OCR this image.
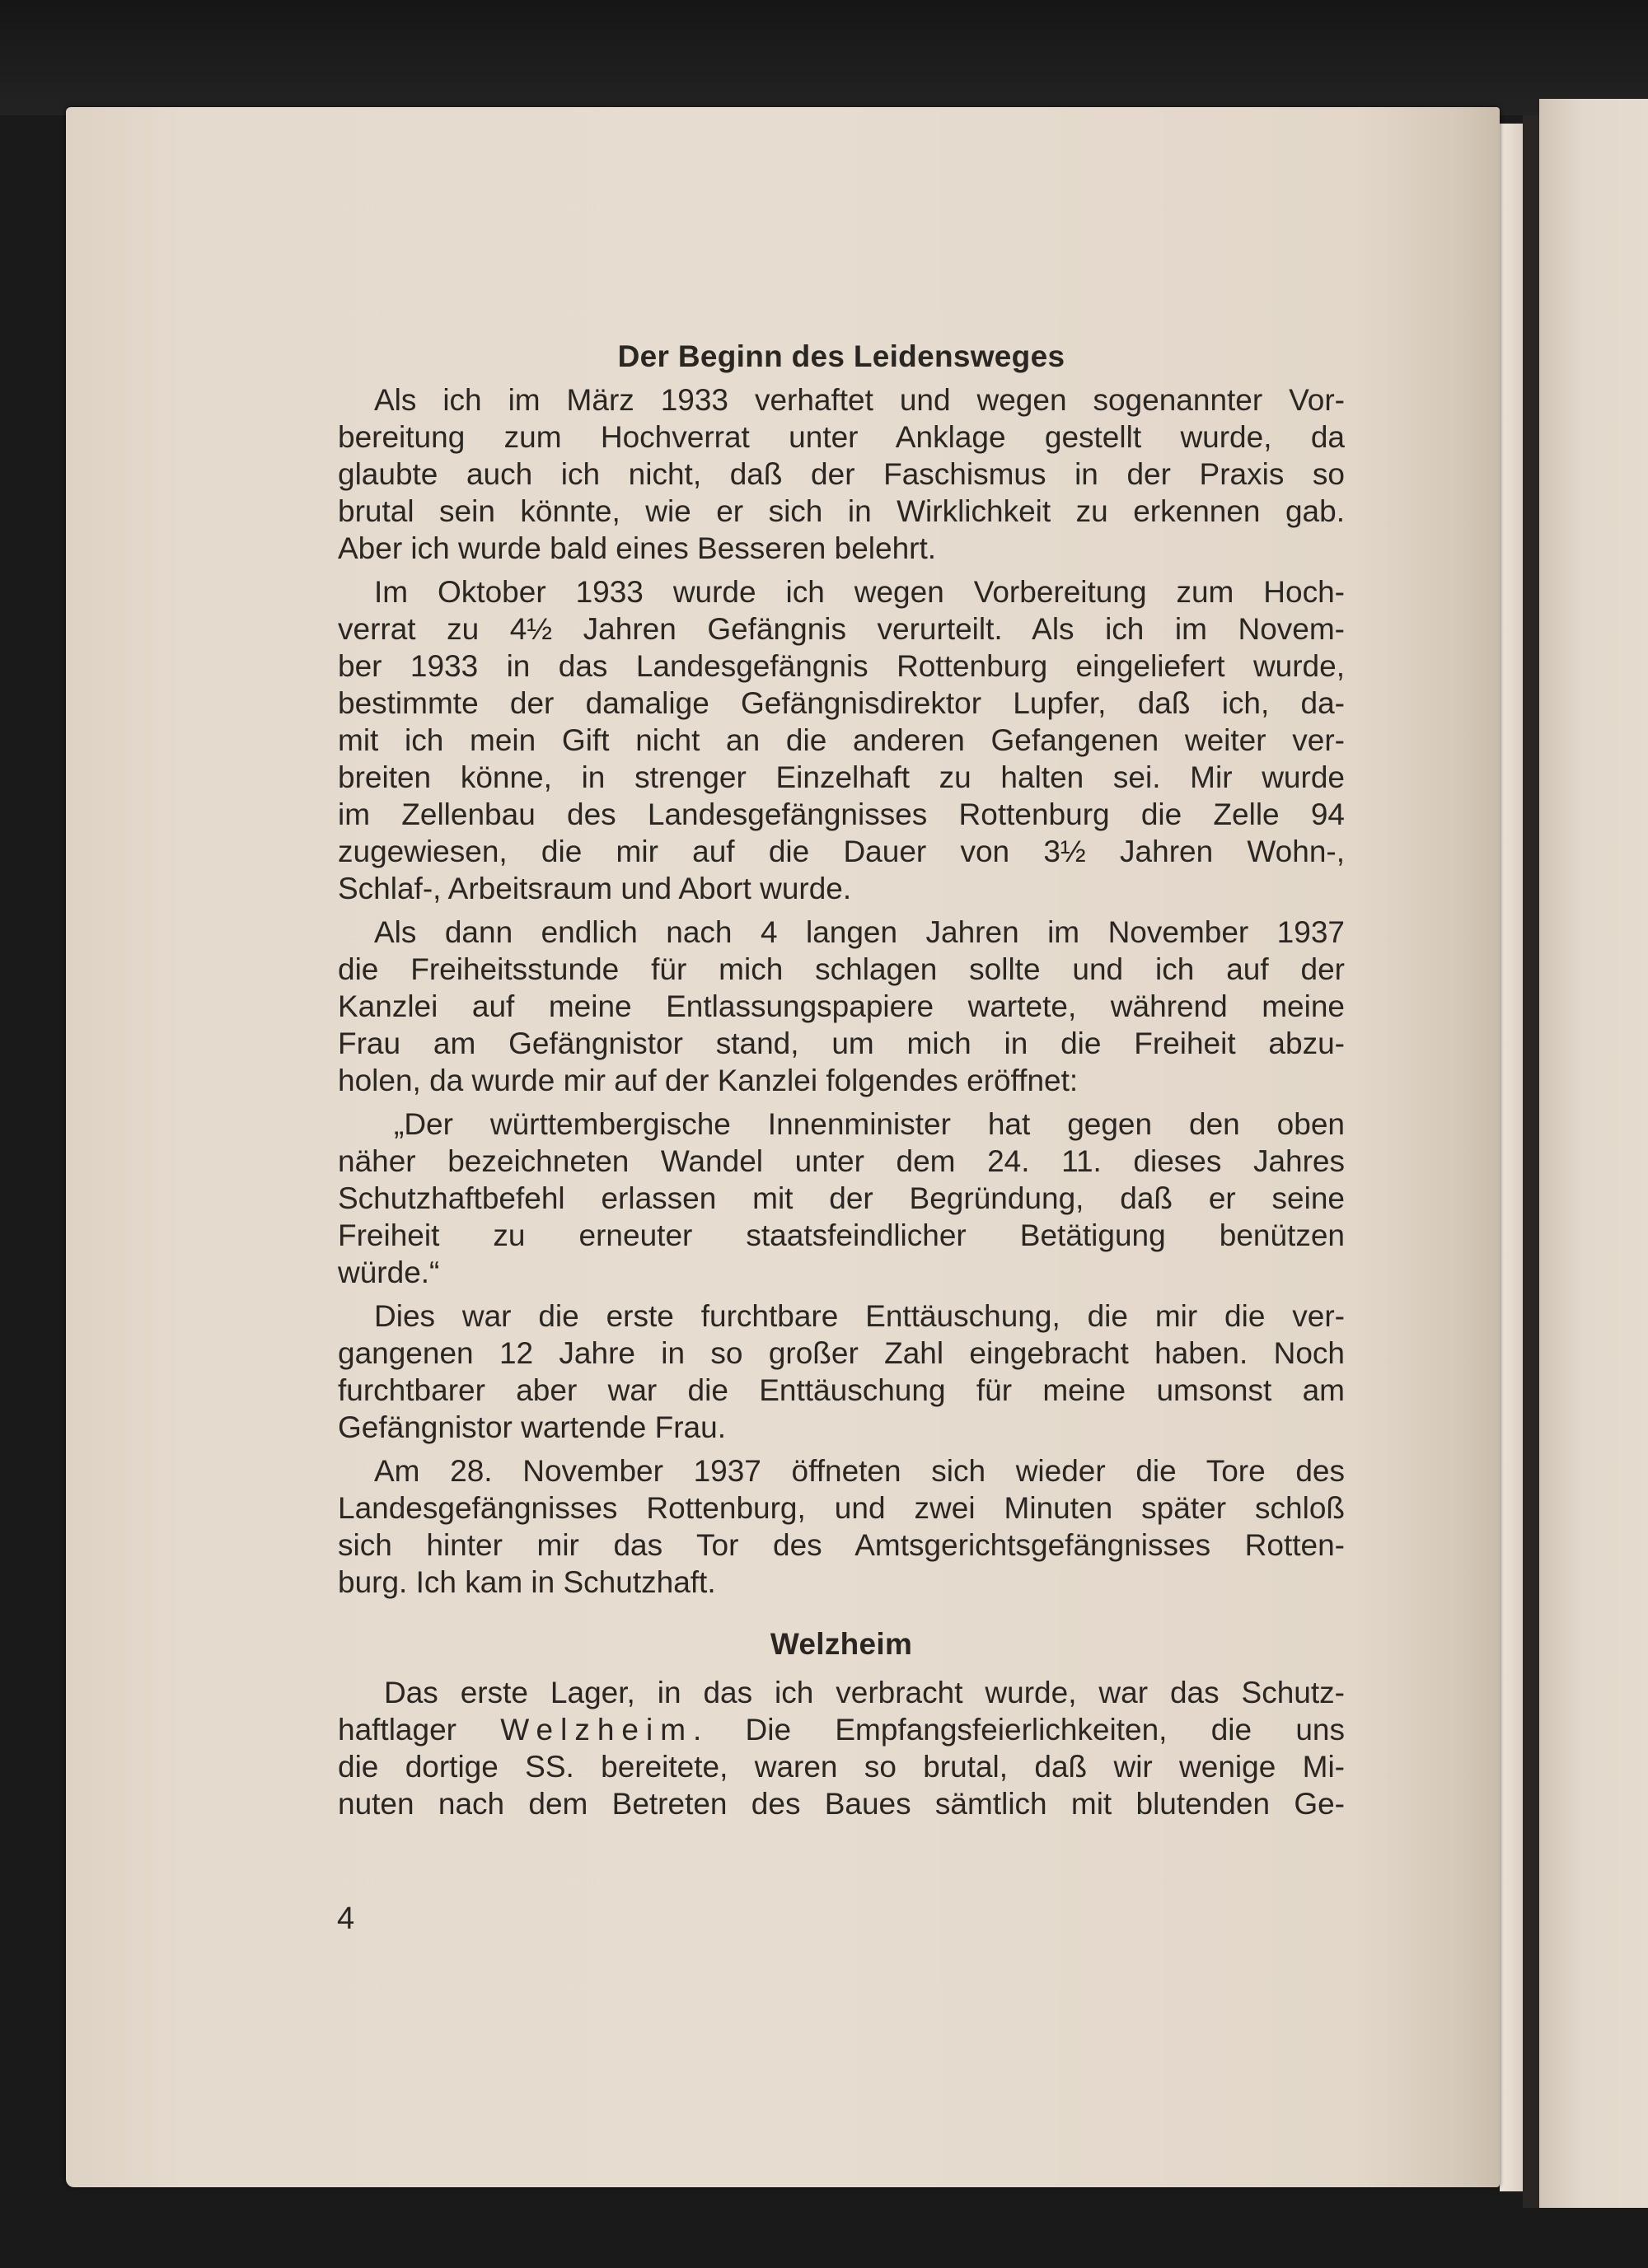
Der Beginn des Leidensweges
Als ich im März 1933 verhaftet und wegen sogenannter Vor-
bereitung zum Hochverrat unter Anklage gestellt wurde, da
glaubte auch ich nicht, daß der Faschismus in der Praxis so
brutal sein könnte, wie er sich in Wirklichkeit zu erkennen gab.
Aber ich wurde bald eines Besseren belehrt.
Im Oktober 1933 wurde ich wegen Vorbereitung zum Hoch-
verrat zu 4½ Jahren Gefängnis verurteilt. Als ich im Novem-
ber 1933 in das Landesgefängnis Rottenburg eingeliefert wurde,
bestimmte der damalige Gefängnisdirektor Lupfer, daß ich, da-
mit ich mein Gift nicht an die anderen Gefangenen weiter ver-
breiten könne, in strenger Einzelhaft zu halten sei. Mir wurde
im Zellenbau des Landesgefängnisses Rottenburg die Zelle 94
zugewiesen, die mir auf die Dauer von 3½ Jahren Wohn-,
Schlaf-, Arbeitsraum und Abort wurde.
Als dann endlich nach 4 langen Jahren im November 1937
die Freiheitsstunde für mich schlagen sollte und ich auf der
Kanzlei auf meine Entlassungspapiere wartete, während meine
Frau am Gefängnistor stand, um mich in die Freiheit abzu-
holen, da wurde mir auf der Kanzlei folgendes eröffnet:
„Der württembergische Innenminister hat gegen den oben
näher bezeichneten Wandel unter dem 24. 11. dieses Jahres
Schutzhaftbefehl erlassen mit der Begründung, daß er seine
Freiheit zu erneuter staatsfeindlicher Betätigung benützen
würde.“
Dies war die erste furchtbare Enttäuschung, die mir die ver-
gangenen 12 Jahre in so großer Zahl eingebracht haben. Noch
furchtbarer aber war die Enttäuschung für meine umsonst am
Gefängnistor wartende Frau.
Am 28. November 1937 öffneten sich wieder die Tore des
Landesgefängnisses Rottenburg, und zwei Minuten später schloß
sich hinter mir das Tor des Amtsgerichtsgefängnisses Rotten-
burg. Ich kam in Schutzhaft.
Welzheim
Das erste Lager, in das ich verbracht wurde, war das Schutz-
haftlager Welzheim. Die Empfangsfeierlichkeiten, die uns
die dortige SS. bereitete, waren so brutal, daß wir wenige Mi-
nuten nach dem Betreten des Baues sämtlich mit blutenden Ge-
4
